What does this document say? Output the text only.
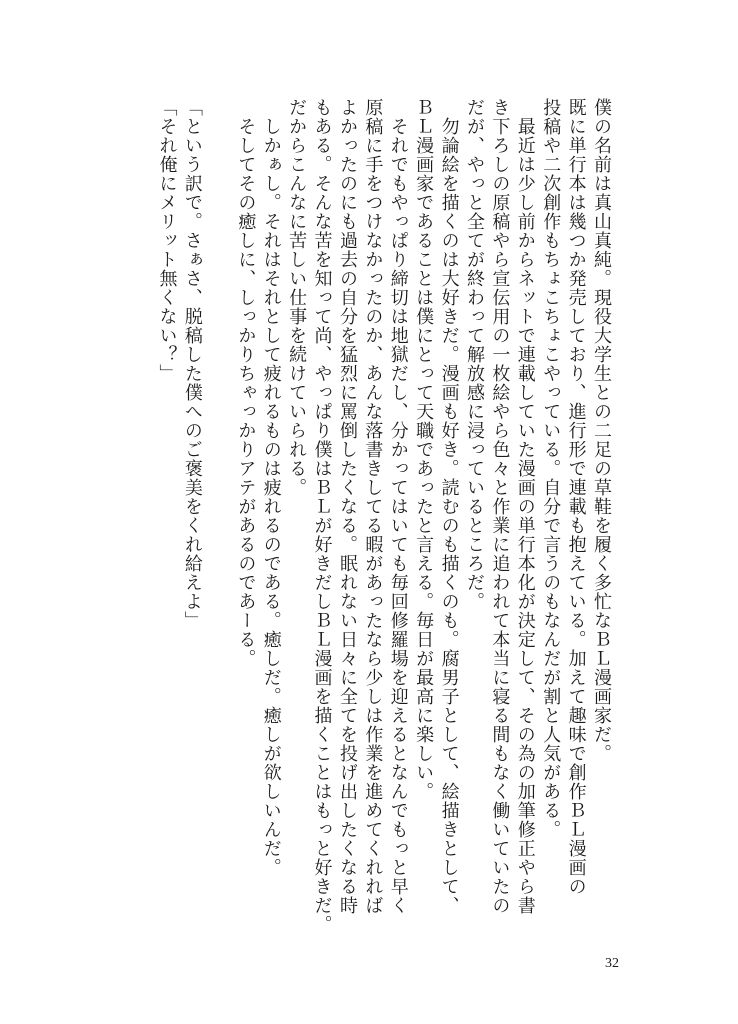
僕の名前は真山真純。現役大学生との二足の草鞋を履く多忙なＢＬ漫画家だ。
既に単行本は幾つか発売しており、進行形で連載も抱えている。加えて趣味で創作ＢＬ漫画の
投稿や二次創作もちょこちょこやっている。自分で言うのもなんだが割と人気がある。
　最近は少し前からネットで連載していた漫画の単行本化が決定して、その為の加筆修正やら書
き下ろしの原稿やら宣伝用の一枚絵やら色々と作業に追われて本当に寝る間もなく働いていたの
だが、やっと全てが終わって解放感に浸っているところだ。
　勿論絵を描くのは大好きだ。漫画も好き。読むのも描くのも。腐男子として、絵描きとして、
ＢＬ漫画家であることは僕にとって天職であったと言える。毎日が最高に楽しい。
　それでもやっぱり締切は地獄だし、分かってはいても毎回修羅場を迎えるとなんでもっと早く
原稿に手をつけなかったのか、あんな落書きしてる暇があったなら少しは作業を進めてくれれば
よかったのにも過去の自分を猛烈に罵倒したくなる。眠れない日々に全てを投げ出したくなる時
もある。そんな苦を知って尚、やっぱり僕はＢＬが好きだしＢＬ漫画を描くことはもっと好きだ。
だからこんなに苦しい仕事を続けていられる。
　しかぁし。それはそれとして疲れるものは疲れるのである。癒しだ。癒しが欲しいんだ。
　そしてその癒しに、しっかりちゃっかりアテがあるのであーる。
「という訳で。さぁさ、脱稿した僕へのご褒美をくれ給えよ」
「それ俺にメリット無くない？」
32
